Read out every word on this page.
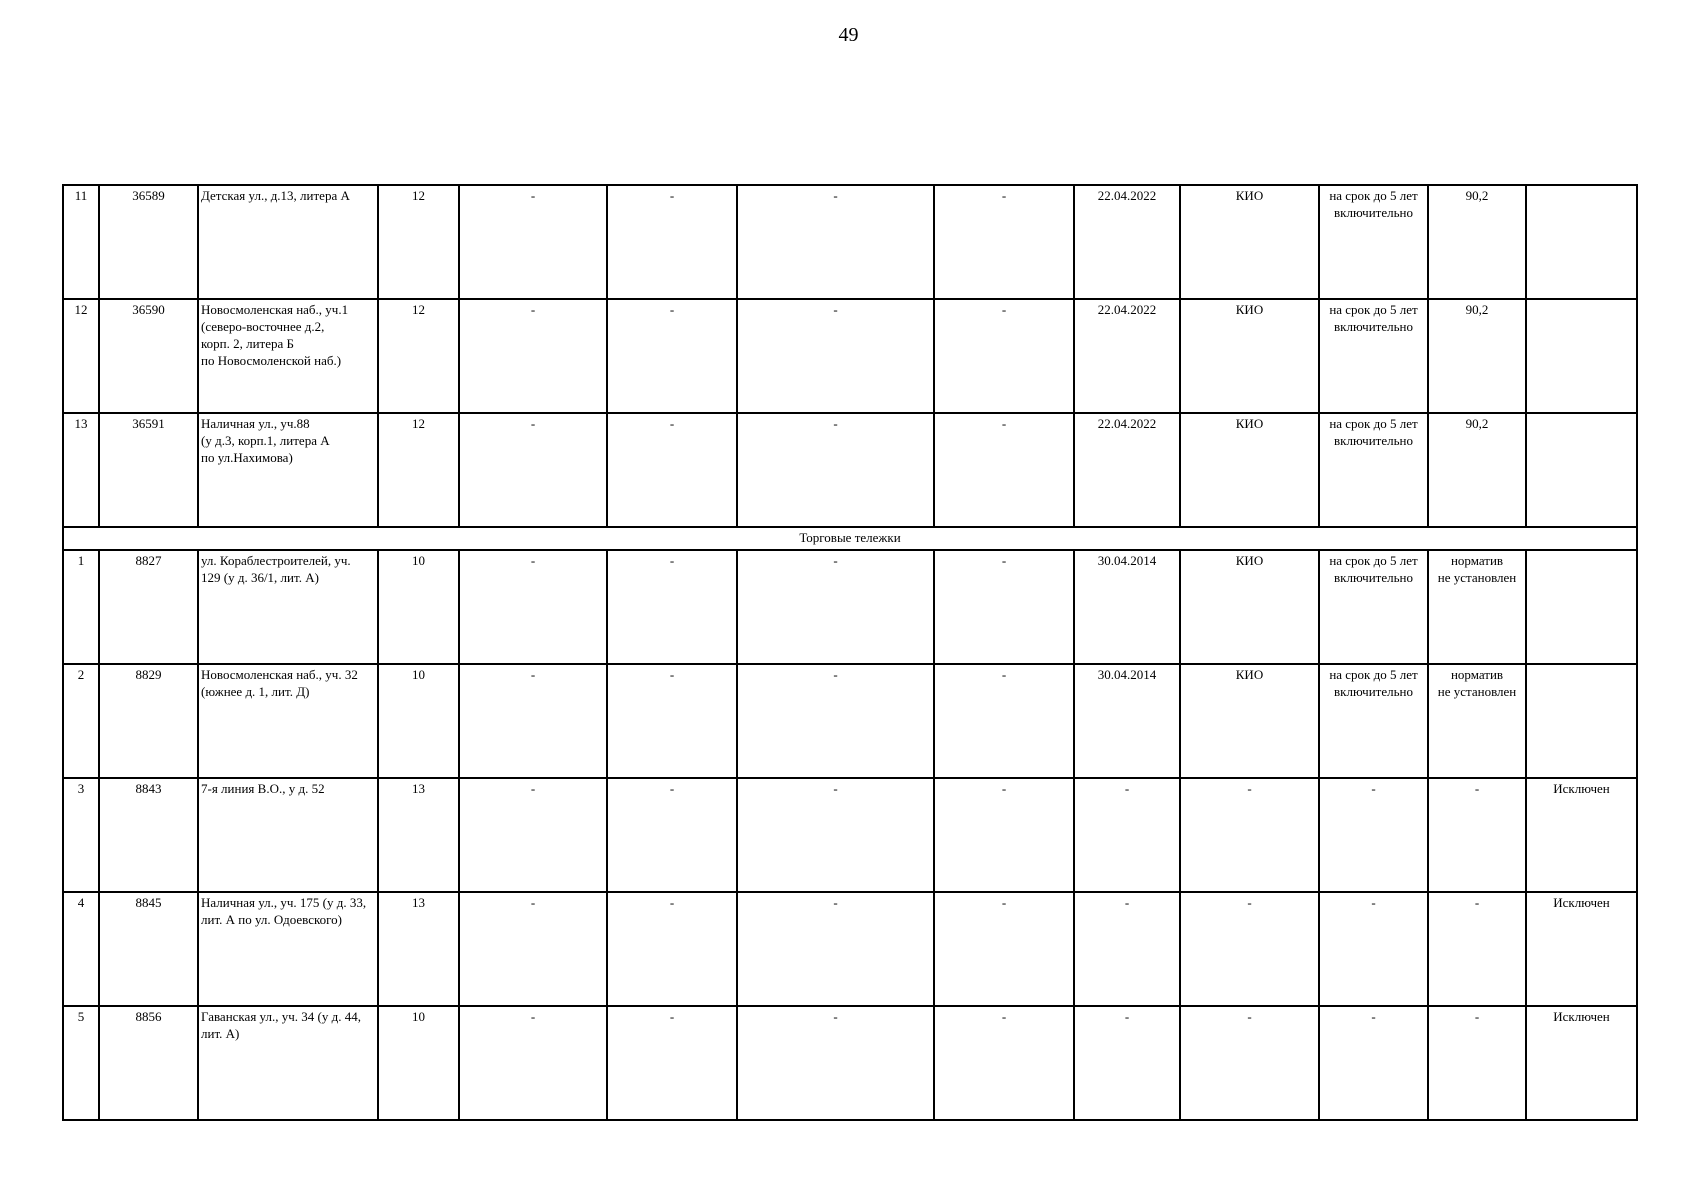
49
11	36589	Детская ул., д.13, литера А	12	-	-	-	-	22.04.2022	КИО	на срок до 5 лет
включительно	90,2	
12	36590	Новосмоленская наб., уч.1
(северо-восточнее д.2,
корп. 2, литера Б
по Новосмоленской наб.)	12	-	-	-	-	22.04.2022	КИО	на срок до 5 лет
включительно	90,2	
13	36591	Наличная ул., уч.88
(у д.3, корп.1, литера А
по ул.Нахимова)	12	-	-	-	-	22.04.2022	КИО	на срок до 5 лет
включительно	90,2	
Торговые тележки												
1	8827	ул. Кораблестроителей, уч.
129 (у д. 36/1, лит. А)	10	-	-	-	-	30.04.2014	КИО	на срок до 5 лет
включительно	норматив
не установлен	
2	8829	Новосмоленская наб., уч. 32
(южнее д. 1, лит. Д)	10	-	-	-	-	30.04.2014	КИО	на срок до 5 лет
включительно	норматив
не установлен	
3	8843	7-я линия В.О., у д. 52	13	-	-	-	-	-	-	-	-	Исключен
4	8845	Наличная ул., уч. 175 (у д. 33,
лит. А по ул. Одоевского)	13	-	-	-	-	-	-	-	-	Исключен
5	8856	Гаванская ул., уч. 34 (у д. 44,
лит. А)	10	-	-	-	-	-	-	-	-	Исключен
